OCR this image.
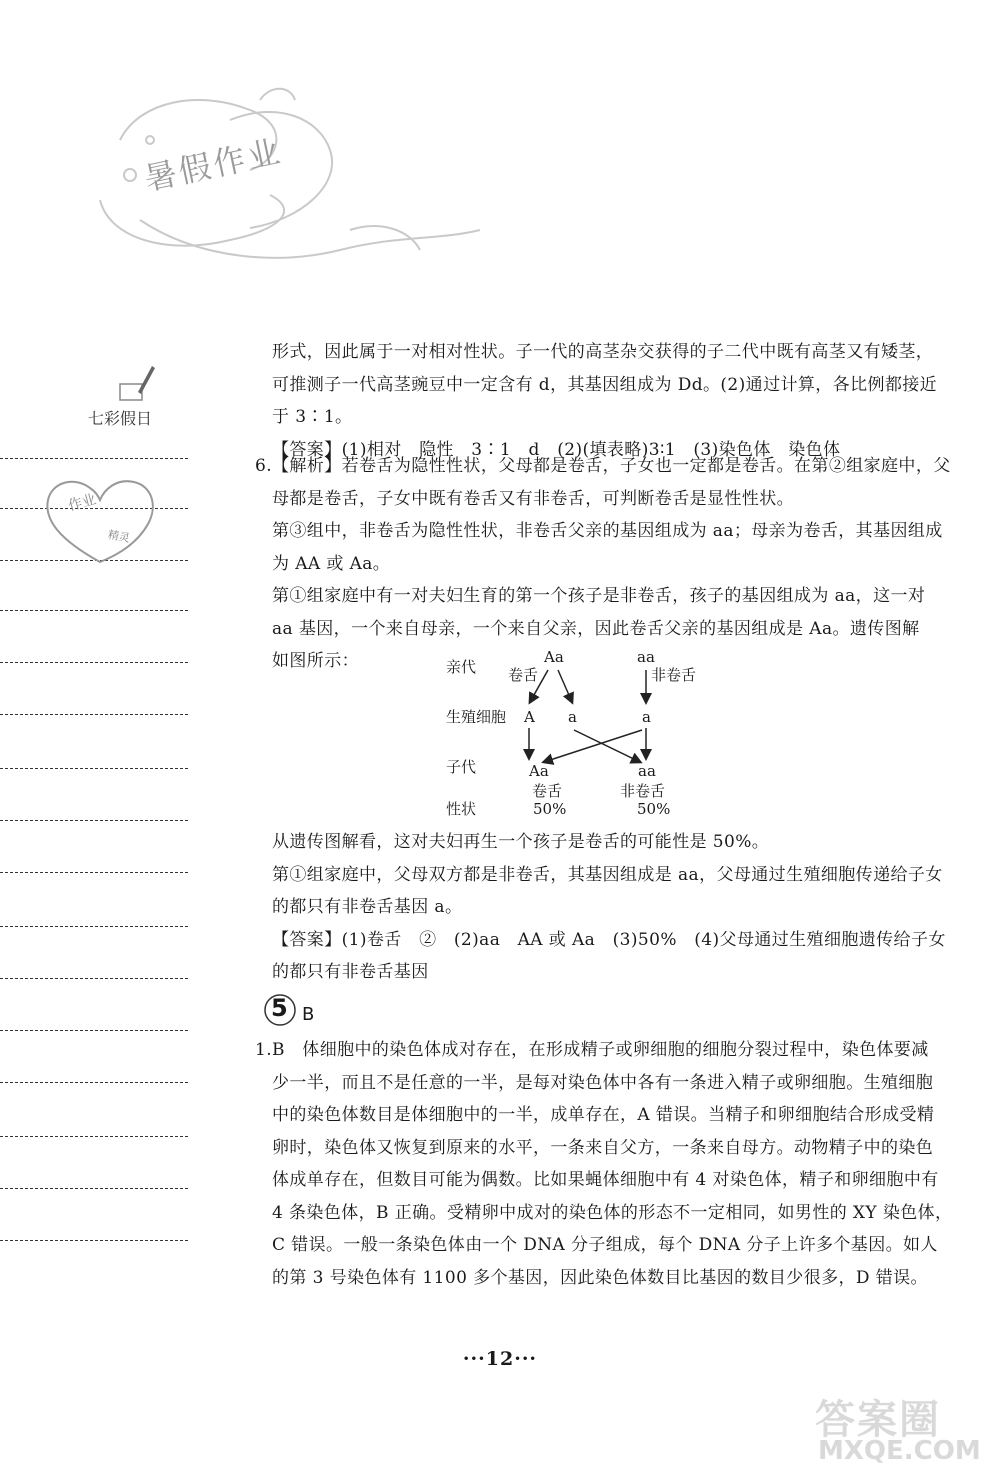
暑假作业
七彩假日
作业
精灵

形式，因此属于一对相对性状。子一代的高茎杂交获得的子二代中既有高茎又有矮茎，

可推测子一代高茎豌豆中一定含有 d，其基因组成为 Dd。(2)通过计算，各比例都接近

于 3∶1。

【答案】(1)相对　隐性　3∶1　d　(2)(填表略)3∶1　(3)染色体　染色体

6.【解析】若卷舌为隐性性状，父母都是卷舌，子女也一定都是卷舌。在第②组家庭中，父

母都是卷舌，子女中既有卷舌又有非卷舌，可判断卷舌是显性性状。

第③组中，非卷舌为隐性性状，非卷舌父亲的基因组成为 aa；母亲为卷舌，其基因组成

为 AA 或 Aa。

第①组家庭中有一对夫妇生育的第一个孩子是非卷舌，孩子的基因组成为 aa，这一对

aa 基因，一个来自母亲，一个来自父亲，因此卷舌父亲的基因组成是 Aa。遗传图解

如图所示：	亲代
生殖细胞
子代
性状
Aa
卷舌
aa
非卷舌
A a	a
Aa
卷舌
50%
aa
非卷舌
50%

从遗传图解看，这对夫妇再生一个孩子是卷舌的可能性是 50%。

第①组家庭中，父母双方都是非卷舌，其基因组成是 aa，父母通过生殖细胞传递给子女

的都只有非卷舌基因 a。

【答案】(1)卷舌　②　(2)aa　AA 或 Aa　(3)50%　(4)父母通过生殖细胞遗传给子女

的都只有非卷舌基因

5 B

1.B　体细胞中的染色体成对存在，在形成精子或卵细胞的细胞分裂过程中，染色体要减

少一半，而且不是任意的一半，是每对染色体中各有一条进入精子或卵细胞。生殖细胞

中的染色体数目是体细胞中的一半，成单存在，A 错误。当精子和卵细胞结合形成受精

卵时，染色体又恢复到原来的水平，一条来自父方，一条来自母方。动物精子中的染色

体成单存在，但数目可能为偶数。比如果蝇体细胞中有 4 对染色体，精子和卵细胞中有

4 条染色体，B 正确。受精卵中成对的染色体的形态不一定相同，如男性的 XY 染色体，

C 错误。一般一条染色体由一个 DNA 分子组成，每个 DNA 分子上许多个基因。如人

的第 3 号染色体有 1100 多个基因，因此染色体数目比基因的数目少很多，D 错误。

···12···
答案圈
MXQE.COM
